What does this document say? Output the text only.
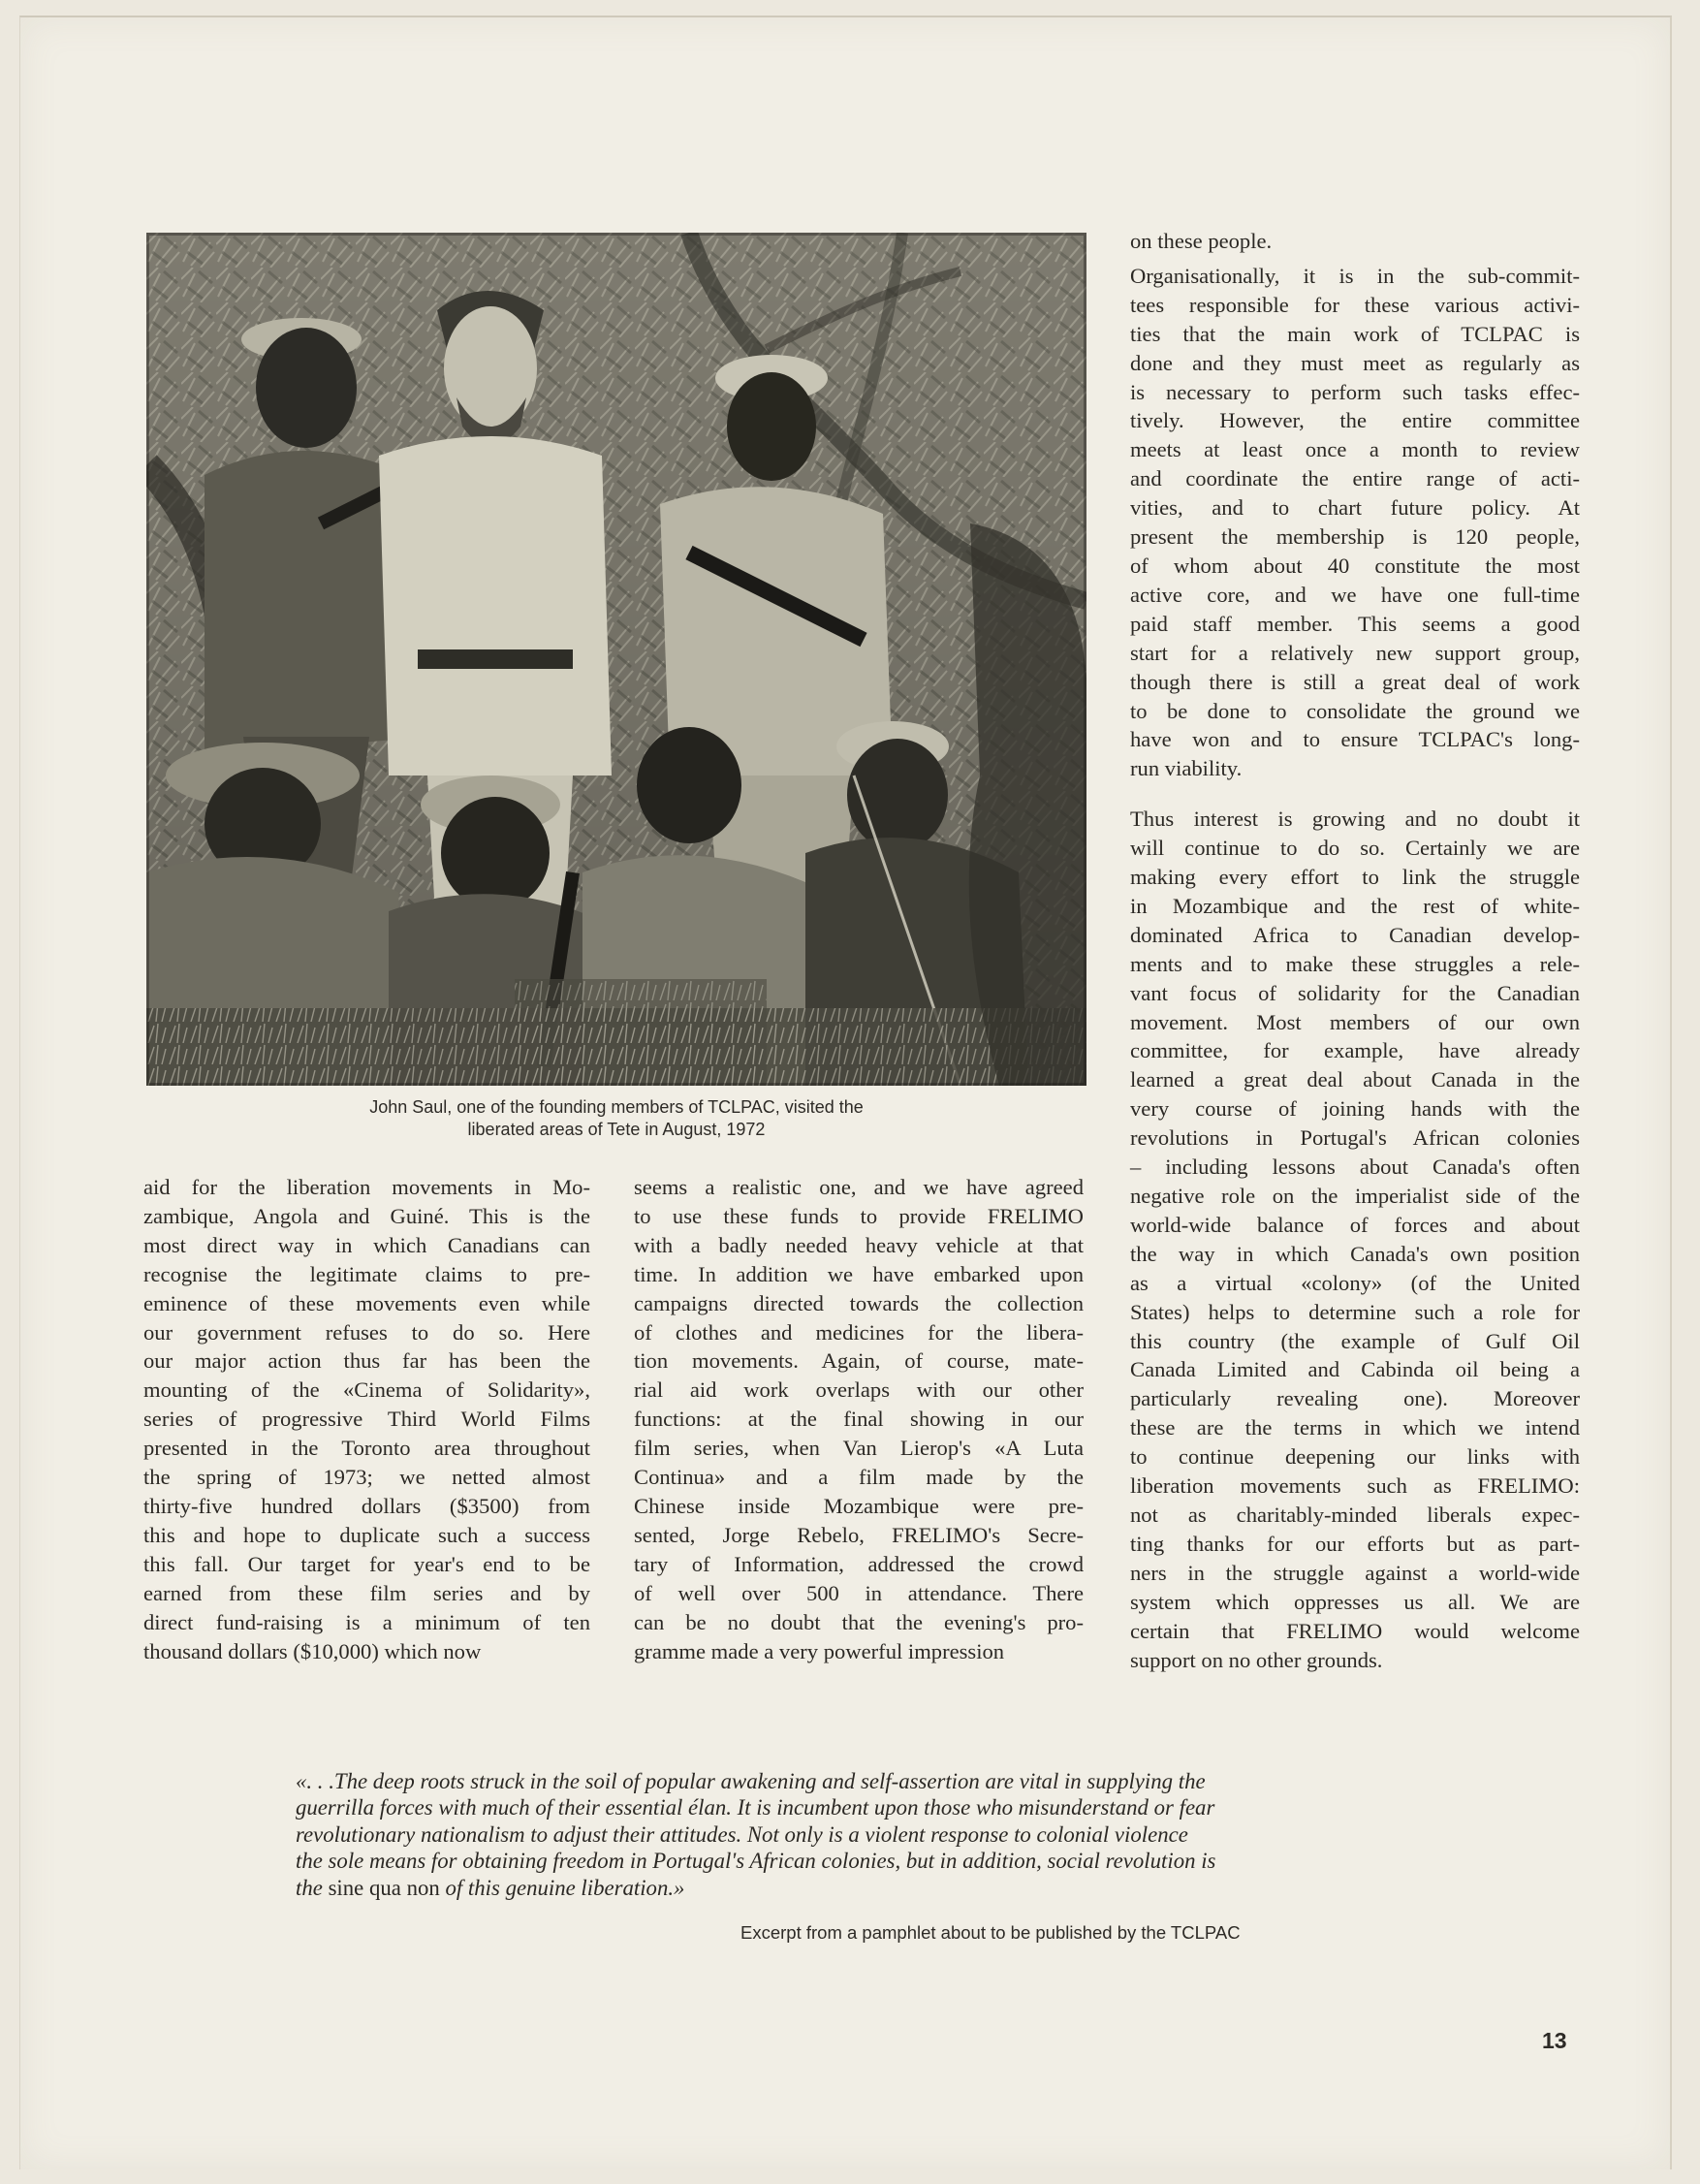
John Saul, one of the founding members of TCLPAC, visited the
liberated areas of Tete in August, 1972
aid for the liberation movements in Mo-
zambique, Angola and Guiné. This is the
most direct way in which Canadians can
recognise the legitimate claims to pre-
eminence of these movements even while
our government refuses to do so. Here
our major action thus far has been the
mounting of the «Cinema of Solidarity»,
series of progressive Third World Films
presented in the Toronto area throughout
the spring of 1973; we netted almost
thirty-five hundred dollars ($3500) from
this and hope to duplicate such a success
this fall. Our target for year's end to be
earned from these film series and by
direct fund-raising is a minimum of ten
thousand dollars ($10,000) which now
seems a realistic one, and we have agreed
to use these funds to provide FRELIMO
with a badly needed heavy vehicle at that
time. In addition we have embarked upon
campaigns directed towards the collection
of clothes and medicines for the libera-
tion movements. Again, of course, mate-
rial aid work overlaps with our other
functions: at the final showing in our
film series, when Van Lierop's «A Luta
Continua» and a film made by the
Chinese inside Mozambique were pre-
sented, Jorge Rebelo, FRELIMO's Secre-
tary of Information, addressed the crowd
of well over 500 in attendance. There
can be no doubt that the evening's pro-
gramme made a very powerful impression
on these people.
Organisationally, it is in the sub-commit-
tees responsible for these various activi-
ties that the main work of TCLPAC is
done and they must meet as regularly as
is necessary to perform such tasks effec-
tively. However, the entire committee
meets at least once a month to review
and coordinate the entire range of acti-
vities, and to chart future policy. At
present the membership is 120 people,
of whom about 40 constitute the most
active core, and we have one full-time
paid staff member. This seems a good
start for a relatively new support group,
though there is still a great deal of work
to be done to consolidate the ground we
have won and to ensure TCLPAC's long-
run viability.
Thus interest is growing and no doubt it
will continue to do so. Certainly we are
making every effort to link the struggle
in Mozambique and the rest of white-
dominated Africa to Canadian develop-
ments and to make these struggles a rele-
vant focus of solidarity for the Canadian
movement. Most members of our own
committee, for example, have already
learned a great deal about Canada in the
very course of joining hands with the
revolutions in Portugal's African colonies
– including lessons about Canada's often
negative role on the imperialist side of the
world-wide balance of forces and about
the way in which Canada's own position
as a virtual «colony» (of the United
States) helps to determine such a role for
this country (the example of Gulf Oil
Canada Limited and Cabinda oil being a
particularly revealing one). Moreover
these are the terms in which we intend
to continue deepening our links with
liberation movements such as FRELIMO:
not as charitably-minded liberals expec-
ting thanks for our efforts but as part-
ners in the struggle against a world-wide
system which oppresses us all. We are
certain that FRELIMO would welcome
support on no other grounds.
«. . .The deep roots struck in the soil of popular awakening and self-assertion are vital in supplying the
guerrilla forces with much of their essential élan. It is incumbent upon those who misunderstand or fear
revolutionary nationalism to adjust their attitudes. Not only is a violent response to colonial violence
the sole means for obtaining freedom in Portugal's African colonies, but in addition, social revolution is
the sine qua non of this genuine liberation.»
Excerpt from a pamphlet about to be published by the TCLPAC
13
